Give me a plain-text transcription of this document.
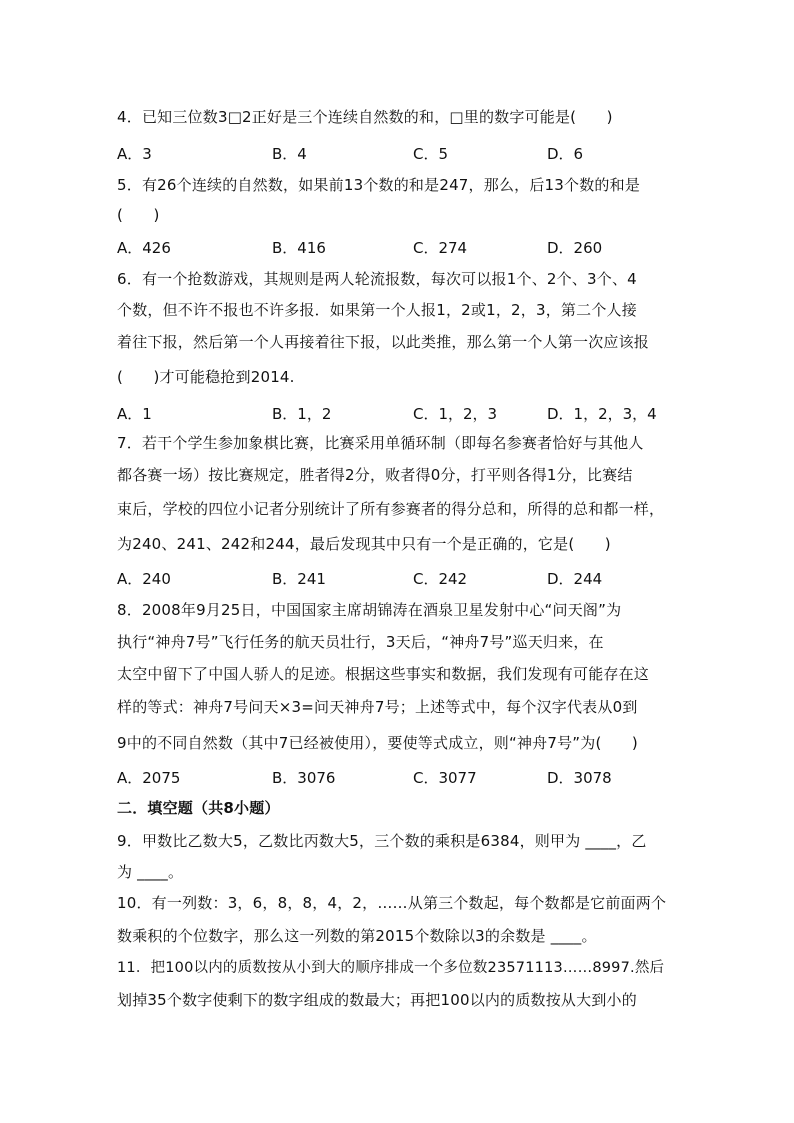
4．已知三位数3□2正好是三个连续自然数的和，□里的数字可能是(　　)
A．3	B．4	C．5	D．6
5．有26个连续的自然数，如果前13个数的和是247，那么，后13个数的和是
(　　)
A．426	B．416	C．274	D．260
6．有一个抢数游戏，其规则是两人轮流报数，每次可以报1个、2个、3个、4
个数，但不许不报也不许多报．如果第一个人报1，2或1，2，3，第二个人接
着往下报，然后第一个人再接着往下报，以此类推，那么第一个人第一次应该报
(　　)才可能稳抢到2014.
A．1	B．1，2	C．1，2，3	D．1，2，3，4
7．若干个学生参加象棋比赛，比赛采用单循环制（即每名参赛者恰好与其他人
都各赛一场）按比赛规定，胜者得2分，败者得0分，打平则各得1分，比赛结
束后，学校的四位小记者分别统计了所有参赛者的得分总和，所得的总和都一样，
为240、241、242和244，最后发现其中只有一个是正确的，它是(　　)
A．240	B．241	C．242	D．244
8．2008年9月25日，中国国家主席胡锦涛在酒泉卫星发射中心“问天阁”为
执行“神舟7号”飞行任务的航天员壮行，3天后，“神舟7号”巡天归来，在
太空中留下了中国人骄人的足迹。根据这些事实和数据，我们发现有可能存在这
样的等式：神舟7号问天×3=问天神舟7号；上述等式中，每个汉字代表从0到
9中的不同自然数（其中7已经被使用），要使等式成立，则“神舟7号”为(　　)
A．2075	B．3076	C．3077	D．3078
二．填空题（共8小题）
9．甲数比乙数大5，乙数比丙数大5，三个数的乘积是6384，则甲为 ____，乙
为 ____。
10．有一列数：3，6，8，8，4，2，……从第三个数起，每个数都是它前面两个
数乘积的个位数字，那么这一列数的第2015个数除以3的余数是 ____。
11．把100以内的质数按从小到大的顺序排成一个多位数23571113……8997.然后
划掉35个数字使剩下的数字组成的数最大；再把100以内的质数按从大到小的
